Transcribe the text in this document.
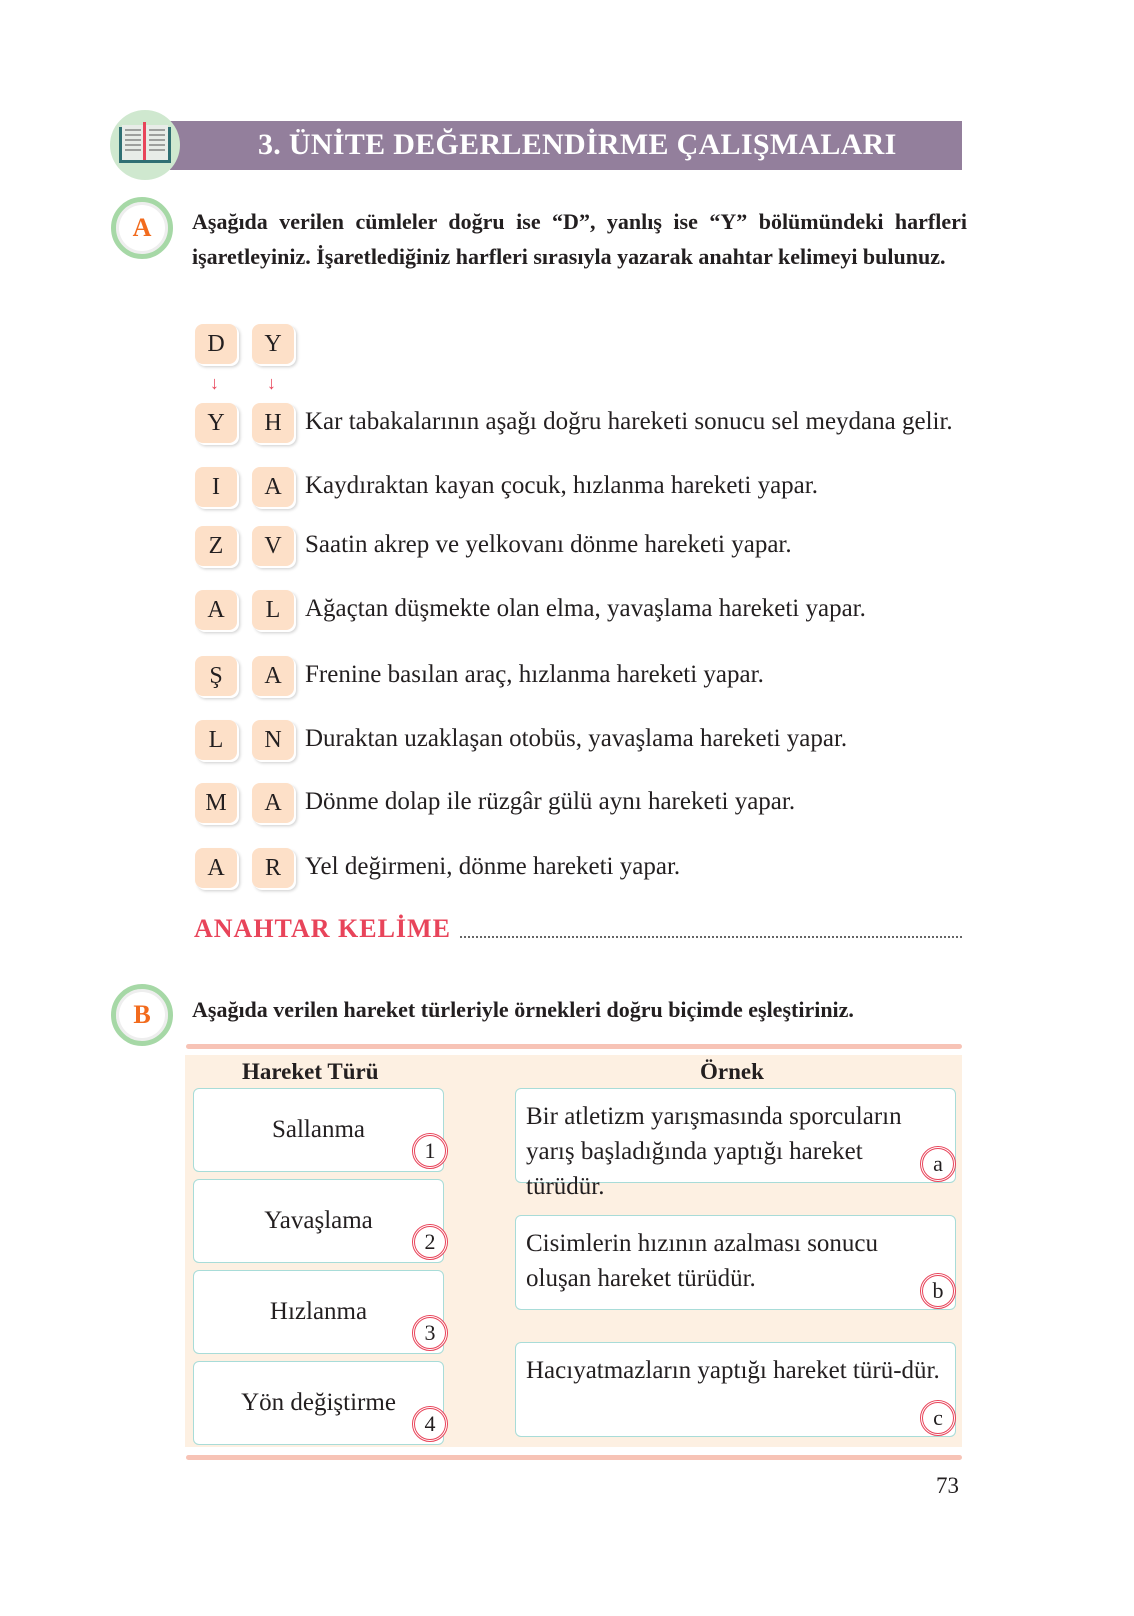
3. ÜNİTE DEĞERLENDİRME ÇALIŞMALARI
A	Aşağıda verilen cümleler doğru ise “D”, yanlış ise “Y” bölümündeki harfleri işaretleyiniz. İşaretlediğiniz harfleri sırasıyla yazarak anahtar kelimeyi bulunuz.
D	Y
↓	↓
Y	H Kar tabakalarının aşağı doğru hareketi sonucu sel meydana gelir.
I	A Kaydıraktan kayan çocuk, hızlanma hareketi yapar.
Z	V Saatin akrep ve yelkovanı dönme hareketi yapar.
A	L Ağaçtan düşmekte olan elma, yavaşlama hareketi yapar.
Ş	A Frenine basılan araç, hızlanma hareketi yapar.
L	N Duraktan uzaklaşan otobüs, yavaşlama hareketi yapar.
M	A Dönme dolap ile rüzgâr gülü aynı hareketi yapar.
A	R Yel değirmeni, dönme hareketi yapar.
ANAHTAR KELİME
B	Aşağıda verilen hareket türleriyle örnekleri doğru biçimde eşleştiriniz.
Hareket Türü	Örnek
Sallanma
1
Yavaşlama
2
Hızlanma
3
Yön değiştirme
4
Bir atletizm yarışmasında sporcuların yarış başladığında yaptığı hareket türüdür.
a
Cisimlerin hızının azalması sonucu oluşan hareket türüdür.	b
Hacıyatmazların yaptığı hareket türü-dür.
c
73
